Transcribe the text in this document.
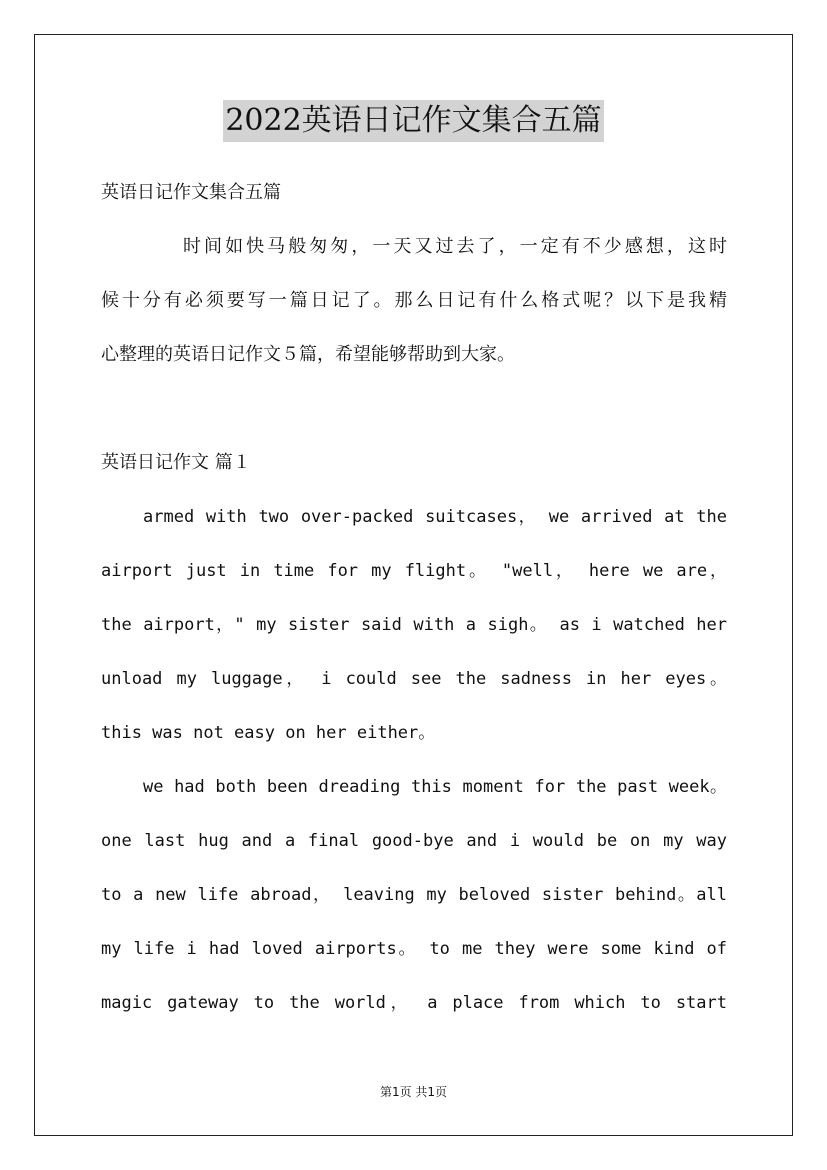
2022英语日记作文集合五篇
英语日记作文集合五篇
时间如快马般匆匆，一天又过去了，一定有不少感想，这时
候十分有必须要写一篇日记了。那么日记有什么格式呢？以下是我精
心整理的英语日记作文５篇，希望能够帮助到大家。
英语日记作文 篇１
armed with two over-packed suitcases， we arrived at the
airport just in time for my flight。 "well， here we are，
the airport，" my sister said with a sigh。 as i watched her
unload my luggage， i could see the sadness in her eyes。
this was not easy on her either。
we had both been dreading this moment for the past week。
one last hug and a final good-bye and i would be on my way
to a new life abroad， leaving my beloved sister behind。all
my life i had loved airports。 to me they were some kind of
magic gateway to the world， a place from which to start
第1页 共1页
